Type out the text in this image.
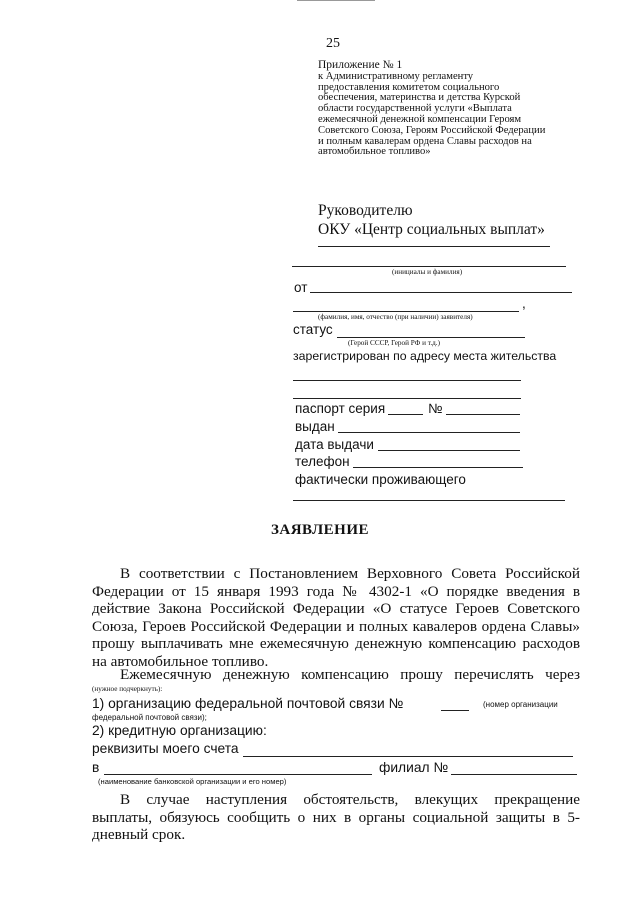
25
Приложение № 1
к Административному регламенту
предоставления комитетом социального
обеспечения, материнства и детства Курской
области государственной услуги «Выплата
ежемесячной денежной компенсации Героям
Советского Союза, Героям Российской Федерации
и полным кавалерам ордена Славы расходов на
автомобильное топливо»
Руководителю
ОКУ «Центр социальных выплат»
(инициалы и фамилия)
от
,
(фамилия, имя, отчество (при наличии) заявителя)
статус
(Герой СССР, Герой РФ и т.д.)
зарегистрирован по адресу места жительства
паспорт серия	№
выдан
дата выдачи
телефон
фактически проживающего
ЗАЯВЛЕНИЕ
В соответствии с Постановлением Верховного Совета Российской
Федерации от 15 января 1993 года № 4302-1 «О порядке введения в
действие Закона Российской Федерации «О статусе Героев Советского
Союза, Героев Российской Федерации и полных кавалеров ордена Славы»
прошу выплачивать мне ежемесячную денежную компенсацию расходов
на автомобильное топливо.
Ежемесячную денежную компенсацию прошу перечислять через
(нужное подчеркнуть):
1) организацию федеральной почтовой связи №	(номер организации
федеральной почтовой связи);
2) кредитную организацию:
реквизиты моего счета
в	филиал №
(наименование банковской организации и его номер)
В случае наступления обстоятельств, влекущих прекращение
выплаты, обязуюсь сообщить о них в органы социальной защиты в 5-
дневный срок.
